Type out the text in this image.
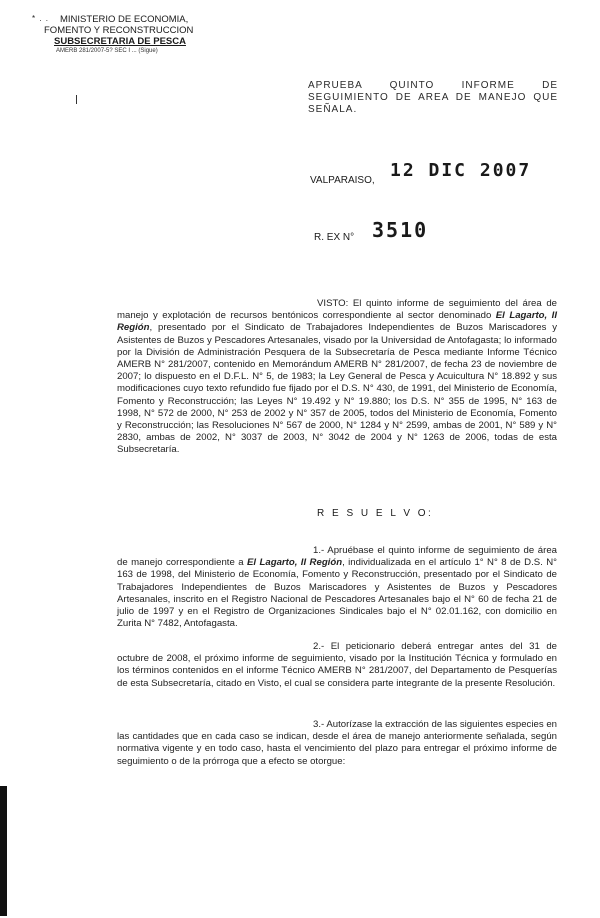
* . .	MINISTERIO DE ECONOMIA,
FOMENTO Y RECONSTRUCCION
SUBSECRETARIA DE PESCA
AMERB 281/2007-5? SEC I ... (Sigue)
APRUEBA QUINTO INFORME DE SEGUIMIENTO DE AREA DE MANEJO QUE SEÑALA.
VALPARAISO, 12 DIC 2007
R. EX N° 3510
VISTO: El quinto informe de seguimiento del área de manejo y explotación de recursos bentónicos correspondiente al sector denominado El Lagarto, II Región, presentado por el Sindicato de Trabajadores Independientes de Buzos Mariscadores y Asistentes de Buzos y Pescadores Artesanales, visado por la Universidad de Antofagasta; lo informado por la División de Administración Pesquera de la Subsecretaría de Pesca mediante Informe Técnico AMERB N° 281/2007, contenido en Memorándum AMERB N° 281/2007, de fecha 23 de noviembre de 2007; lo dispuesto en el D.F.L. N° 5, de 1983; la Ley General de Pesca y Acuicultura N° 18.892 y sus modificaciones cuyo texto refundido fue fijado por el D.S. N° 430, de 1991, del Ministerio de Economía, Fomento y Reconstrucción; las Leyes N° 19.492 y N° 19.880; los D.S. N° 355 de 1995, N° 163 de 1998, N° 572 de 2000, N° 253 de 2002 y N° 357 de 2005, todos del Ministerio de Economía, Fomento y Reconstrucción; las Resoluciones N° 567 de 2000, N° 1284 y N° 2599, ambas de 2001, N° 589 y N° 2830, ambas de 2002, N° 3037 de 2003, N° 3042 de 2004 y N° 1263 de 2006, todas de esta Subsecretaría.
R E S U E L V O:
1.- Apruébase el quinto informe de seguimiento de área de manejo correspondiente a El Lagarto, II Región, individualizada en el artículo 1° N° 8 de D.S. N° 163 de 1998, del Ministerio de Economía, Fomento y Reconstrucción, presentado por el Sindicato de Trabajadores Independientes de Buzos Mariscadores y Asistentes de Buzos y Pescadores Artesanales, inscrito en el Registro Nacional de Pescadores Artesanales bajo el N° 60 de fecha 21 de julio de 1997 y en el Registro de Organizaciones Sindicales bajo el N° 02.01.162, con domicilio en Zurita N° 7482, Antofagasta.
2.- El peticionario deberá entregar antes del 31 de octubre de 2008, el próximo informe de seguimiento, visado por la Institución Técnica y formulado en los términos contenidos en el informe Técnico AMERB N° 281/2007, del Departamento de Pesquerías de esta Subsecretaría, citado en Visto, el cual se considera parte integrante de la presente Resolución.
3.- Autorízase la extracción de las siguientes especies en las cantidades que en cada caso se indican, desde el área de manejo anteriormente señalada, según normativa vigente y en todo caso, hasta el vencimiento del plazo para entregar el próximo informe de seguimiento o de la prórroga que a efecto se otorgue:
